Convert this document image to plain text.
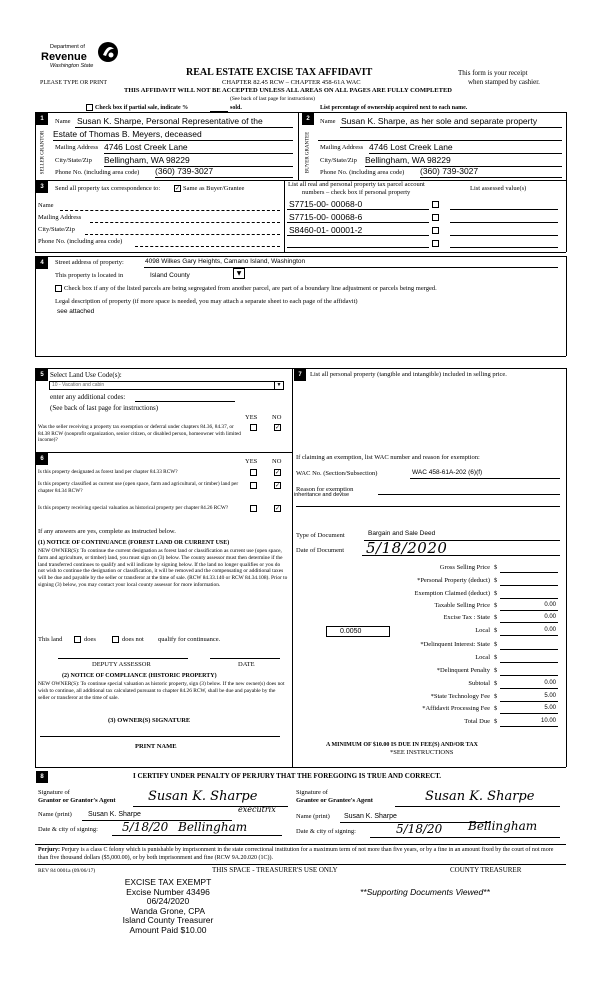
Department of
Revenue
Washington State
PLEASE TYPE OR PRINT
REAL ESTATE EXCISE TAX AFFIDAVIT
CHAPTER 82.45 RCW – CHAPTER 458-61A WAC
THIS AFFIDAVIT WILL NOT BE ACCEPTED UNLESS ALL AREAS ON ALL PAGES ARE FULLY COMPLETED
(See back of last page for instructions)
This form is your receipt
when stamped by cashier.
Check box if partial sale, indicate %	sold.	List percentage of ownership acquired next to each name.
1
SELLER GRANTOR
Name Susan K. Sharpe, Personal Representative of the
Estate of Thomas B. Meyers, deceased
Mailing Address 4746 Lost Creek Lane
City/State/Zip Bellingham, WA 98229
Phone No. (including area code) (360) 739-3027
2
BUYER GRANTEE
Name Susan K. Sharpe, as her sole and separate property
Mailing Address 4746 Lost Creek Lane
City/State/Zip Bellingham, WA 98229
Phone No. (including area code) (360) 739-3027
3	Send all property tax correspondence to: ✓ Same as Buyer/Grantee
Name
Mailing Address
City/State/Zip
Phone No. (including area code)
List all real and personal property tax parcel account
numbers – check box if personal property
List assessed value(s)
S7715-00- 00068-0
S7715-00- 00068-6
S8460-01- 00001-2
4	Street address of property:	4098 Wilkes Gary Heights, Camano Island, Washington
This property is located in	Island County	▼
Check box if any of the listed parcels are being segregated from another parcel, are part of a boundary line adjustment or parcels being merged.
Legal description of property (if more space is needed, you may attach a separate sheet to each page of the affidavit)
see attached
5 Select Land Use Code(s):
10 - Vacation and cabin	▼
enter any additional codes:
(See back of last page for instructions)
YES NO
Was the seller receiving a property tax exemption or deferral under chapters 84.36, 84.37, or 84.38 RCW (nonprofit organization, senior citizen, or disabled person, homeowner with limited income)?
✓
6	YES NO
Is this property designated as forest land per chapter 84.33 RCW?	✓
Is this property classified as current use (open space, farm and agricultural, or timber) land per chapter 84.34 RCW?
✓
Is this property receiving special valuation as historical property per chapter 84.26 RCW?	✓
If any answers are yes, complete as instructed below.
(1) NOTICE OF CONTINUANCE (FOREST LAND OR CURRENT USE)
NEW OWNER(S): To continue the current designation as forest land or classification as current use (open space, farm and agriculture, or timber) land, you must sign on (3) below. The county assessor must then determine if the land transferred continues to qualify and will indicate by signing below. If the land no longer qualifies or you do not wish to continue the designation or classification, it will be removed and the compensating or additional taxes will be due and payable by the seller or transferor at the time of sale. (RCW 84.33.140 or RCW 84.34.108). Prior to signing (3) below, you may contact your local county assessor for more information.
This land	does	does not qualify for continuance.
DEPUTY ASSESSOR	DATE
(2) NOTICE OF COMPLIANCE (HISTORIC PROPERTY)
NEW OWNER(S): To continue special valuation as historic property, sign (3) below. If the new owner(s) does not wish to continue, all additional tax calculated pursuant to chapter 84.26 RCW, shall be due and payable by the seller or transferor at the time of sale.
(3) OWNER(S) SIGNATURE
PRINT NAME
7	List all personal property (tangible and intangible) included in selling price.
If claiming an exemption, list WAC number and reason for exemption:
WAC No. (Section/Subsection)	WAC 458-61A-202 (6)(f)
Reason for exemption
inheritance and devise
Type of Document	Bargain and Sale Deed
Date of Document 5/18/2020
Gross Selling Price $
*Personal Property (deduct) $
Exemption Claimed (deduct) $
Taxable Selling Price $	0.00
Excise Tax : State $	0.00
0.0050	Local $	0.00
*Delinquent Interest: State $
Local $
*Delinquent Penalty $
Subtotal $	0.00
*State Technology Fee $	5.00
*Affidavit Processing Fee $	5.00
Total Due $	10.00
A MINIMUM OF $10.00 IS DUE IN FEE(S) AND/OR TAX
*SEE INSTRUCTIONS
8	I CERTIFY UNDER PENALTY OF PERJURY THAT THE FOREGOING IS TRUE AND CORRECT.
Signature of
Grantor or Grantor's Agent Susan K. Sharpe
executrix
Name (print) Susan K. Sharpe
Date & city of signing: 5/18/20 Bellingham
Signature of
Grantee or Grantee's Agent	Susan K. Sharpe
Name (print) Susan K. Sharpe
Date & city of signing:	5/18/20 Bellingham
Perjury: Perjury is a class C felony which is punishable by imprisonment in the state correctional institution for a maximum term of not more than five years, or by a fine in an amount fixed by the court of not more than five thousand dollars ($5,000.00), or by both imprisonment and fine (RCW 9A.20.020 (1C)).
REV 84 0001a (09/06/17)	THIS SPACE - TREASURER'S USE ONLY	COUNTY TREASURER
EXCISE TAX EXEMPT
Excise Number 43496
06/24/2020
Wanda Grone, CPA
Island County Treasurer
Amount Paid $10.00
**Supporting Documents Viewed**
